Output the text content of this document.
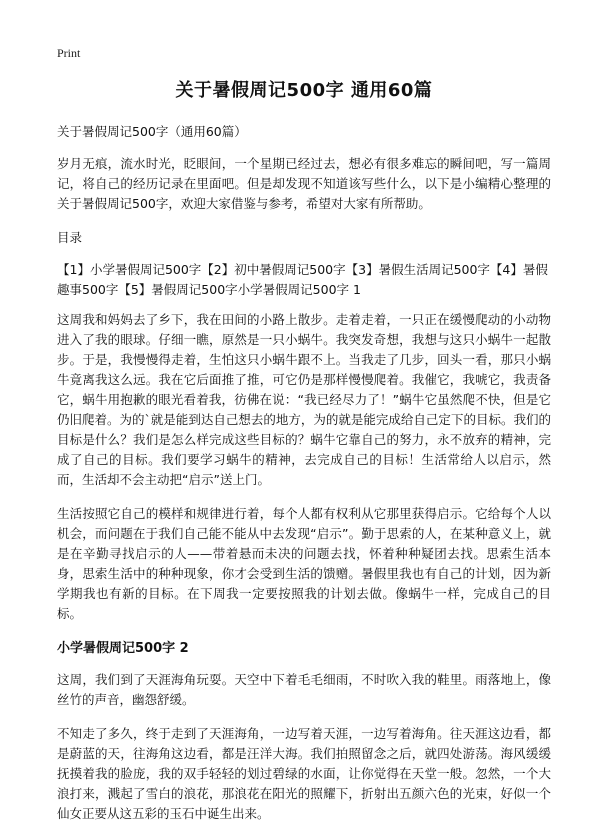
Print
关于暑假周记500字 通用60篇
关于暑假周记500字（通用60篇）

岁月无痕，流水时光，眨眼间，一个星期已经过去，想必有很多难忘的瞬间吧，写一篇周记，将自己的经历记录在里面吧。但是却发现不知道该写些什么，以下是小编精心整理的关于暑假周记500字，欢迎大家借鉴与参考，希望对大家有所帮助。

目录
【1】小学暑假周记500字【2】初中暑假周记500字【3】暑假生活周记500字【4】暑假趣事500字【5】暑假周记500字小学暑假周记500字 1

这周我和妈妈去了乡下，我在田间的小路上散步。走着走着，一只正在缓慢爬动的小动物进入了我的眼球。仔细一瞧，原然是一只小蜗牛。我突发奇想，我想与这只小蜗牛一起散步。于是，我慢慢得走着，生怕这只小蜗牛跟不上。当我走了几步，回头一看，那只小蜗牛竟离我这么远。我在它后面推了推，可它仍是那样慢慢爬着。我催它，我唬它，我责备它，蜗牛用抱歉的眼光看着我，彷佛在说：“我已经尽力了！”蜗牛它虽然爬不快，但是它仍旧爬着。为的`就是能到达自己想去的地方，为的就是能完成给自己定下的目标。我们的目标是什么？我们是怎么样完成这些目标的？蜗牛它靠自己的努力，永不放弃的精神，完成了自己的目标。我们要学习蜗牛的精神，去完成自己的目标！生活常给人以启示，然而，生活却不会主动把“启示”送上门。

生活按照它自己的模样和规律进行着，每个人都有权利从它那里获得启示。它给每个人以机会，而问题在于我们自己能不能从中去发现“启示”。勤于思索的人，在某种意义上，就是在辛勤寻找启示的人——带着悬而未决的问题去找，怀着种种疑团去找。思索生活本身，思索生活中的种种现象，你才会受到生活的馈赠。暑假里我也有自己的计划，因为新学期我也有新的目标。在下周我一定要按照我的计划去做。像蜗牛一样，完成自己的目标。

小学暑假周记500字 2

这周，我们到了天涯海角玩耍。天空中下着毛毛细雨，不时吹入我的鞋里。雨落地上，像丝竹的声音，幽怨舒缓。

不知走了多久，终于走到了天涯海角，一边写着天涯，一边写着海角。往天涯这边看，都是蔚蓝的天，往海角这边看，都是汪洋大海。我们拍照留念之后，就四处游荡。海风缓缓抚摸着我的脸庞，我的双手轻轻的划过碧绿的水面，让你觉得在天堂一般。忽然，一个大浪打来，溅起了雪白的浪花，那浪花在阳光的照耀下，折射出五颜六色的光束，好似一个仙女正要从这五彩的玉石中诞生出来。
